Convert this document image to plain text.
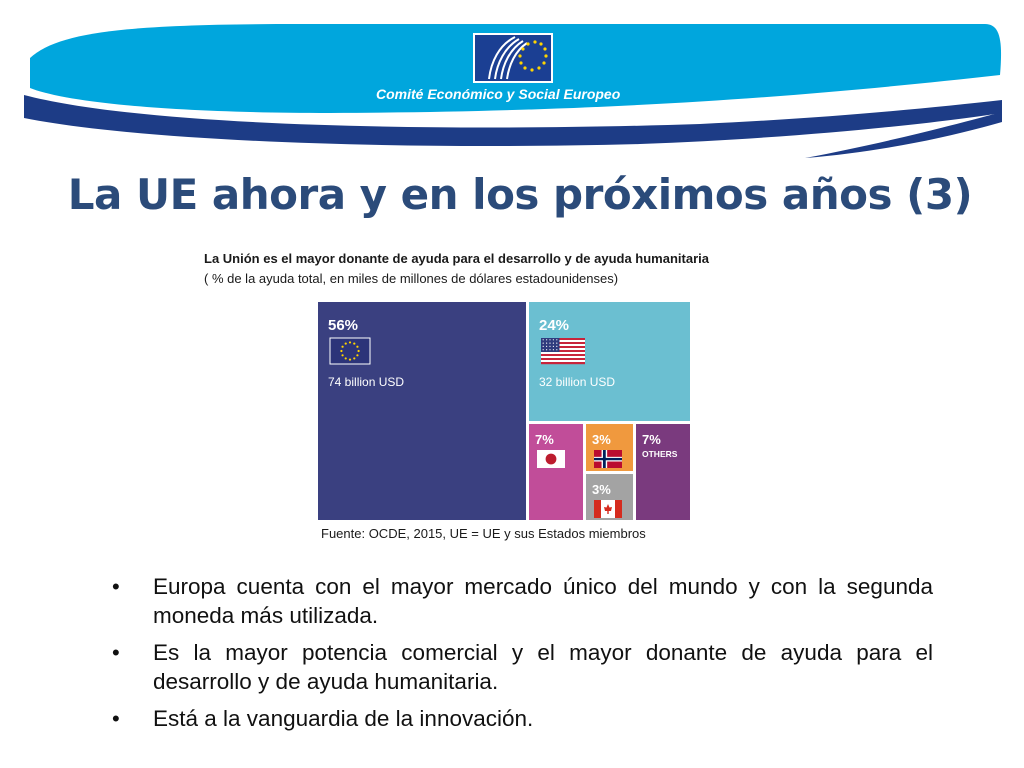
Comité Económico y Social Europeo
La UE ahora y en los próximos años (3)
La Unión es el mayor donante de ayuda para el desarrollo y de ayuda humanitaria
( % de la ayuda total, en miles de millones de dólares estadounidenses)
56%
74 billion USD
24%
32 billion USD
7%	3%
3%
7%
OTHERS
Fuente: OCDE, 2015, UE = UE y sus Estados miembros
• Europa cuenta con el mayor mercado único del mundo y con la segunda moneda más utilizada.
• Es la mayor potencia comercial y el mayor donante de ayuda para el desarrollo y de ayuda humanitaria.
• Está a la vanguardia de la innovación.
